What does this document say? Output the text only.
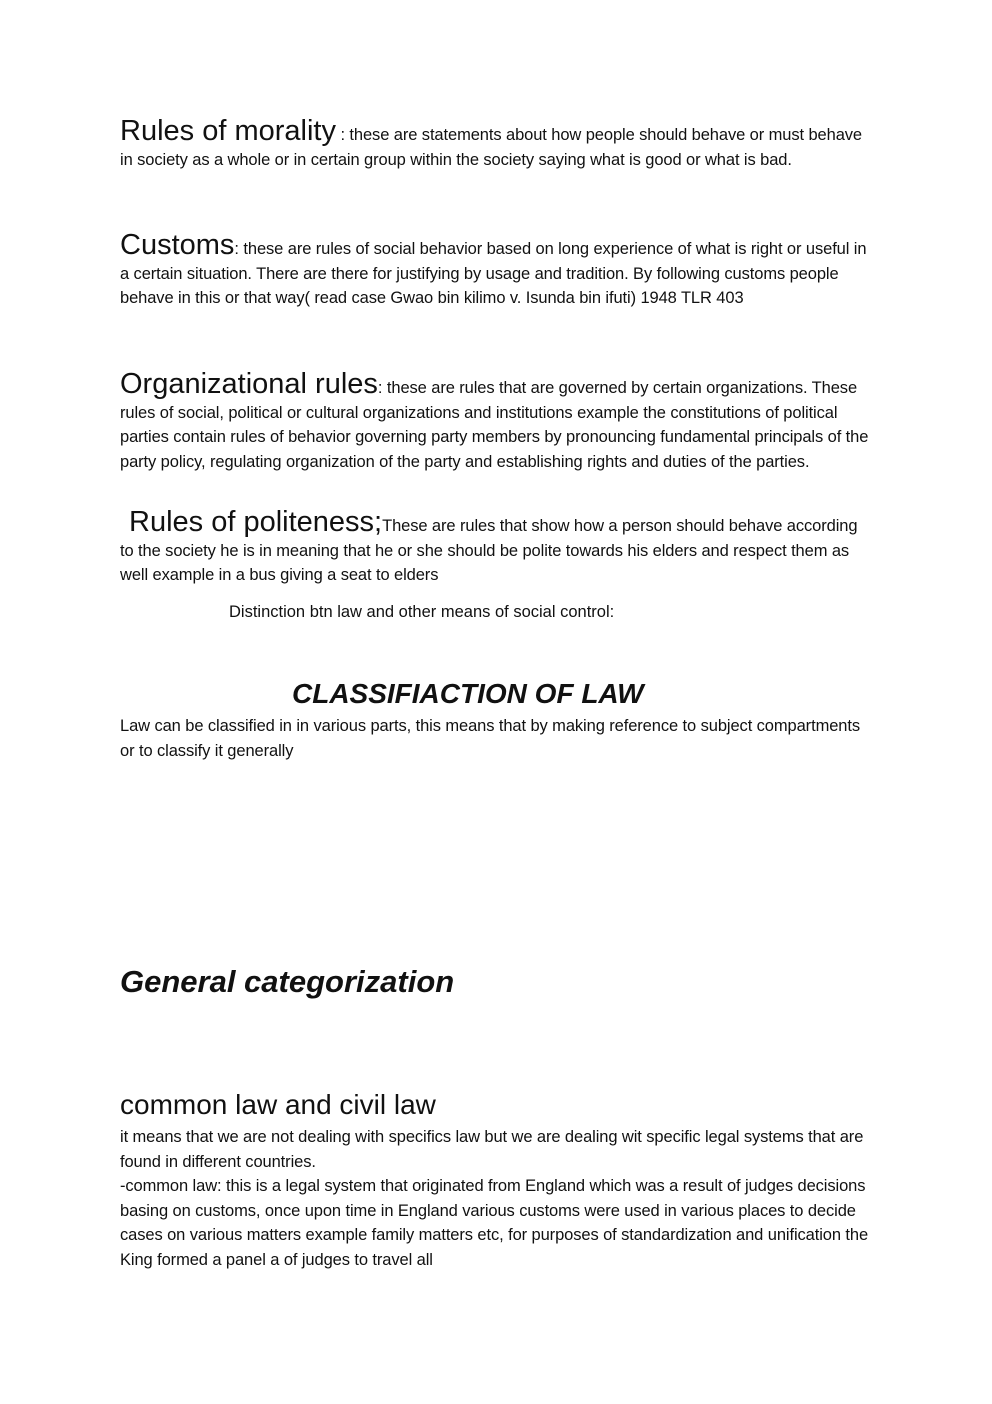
Rules of morality : these are statements about how people should behave or must behave in society as a whole or in certain group within the society saying what is good or what is bad.

Customs: these are rules of social behavior based on long experience of what is right or useful in a certain situation. There are there for justifying by usage and tradition. By following customs people behave in this or that way( read case Gwao bin kilimo v. Isunda bin ifuti) 1948 TLR 403

Organizational rules: these are rules that are governed by certain organizations. These rules of social, political or cultural organizations and institutions example the constitutions of political parties contain rules of behavior governing party members by pronouncing fundamental principals of the party policy, regulating organization of the party and establishing rights and duties of the parties.

Rules of politeness;These are rules that show how a person should behave according to the society he is in meaning that he or she should be polite towards his elders and respect them as well example in a bus giving a seat to elders

Distinction btn law and other means of social control:
CLASSIFIACTION OF LAW

Law can be classified in in various parts, this means that by making reference to subject compartments or to classify it generally

General categorization
common law and civil law

it means that we are not dealing with specifics law but we are dealing wit specific legal systems that are found in different countries.

-common law: this is a legal system that originated from England which was a result of judges decisions basing on customs, once upon time in England various customs were used in various places to decide cases on various matters example family matters etc, for purposes of standardization and unification the King formed a panel a of judges to travel all
